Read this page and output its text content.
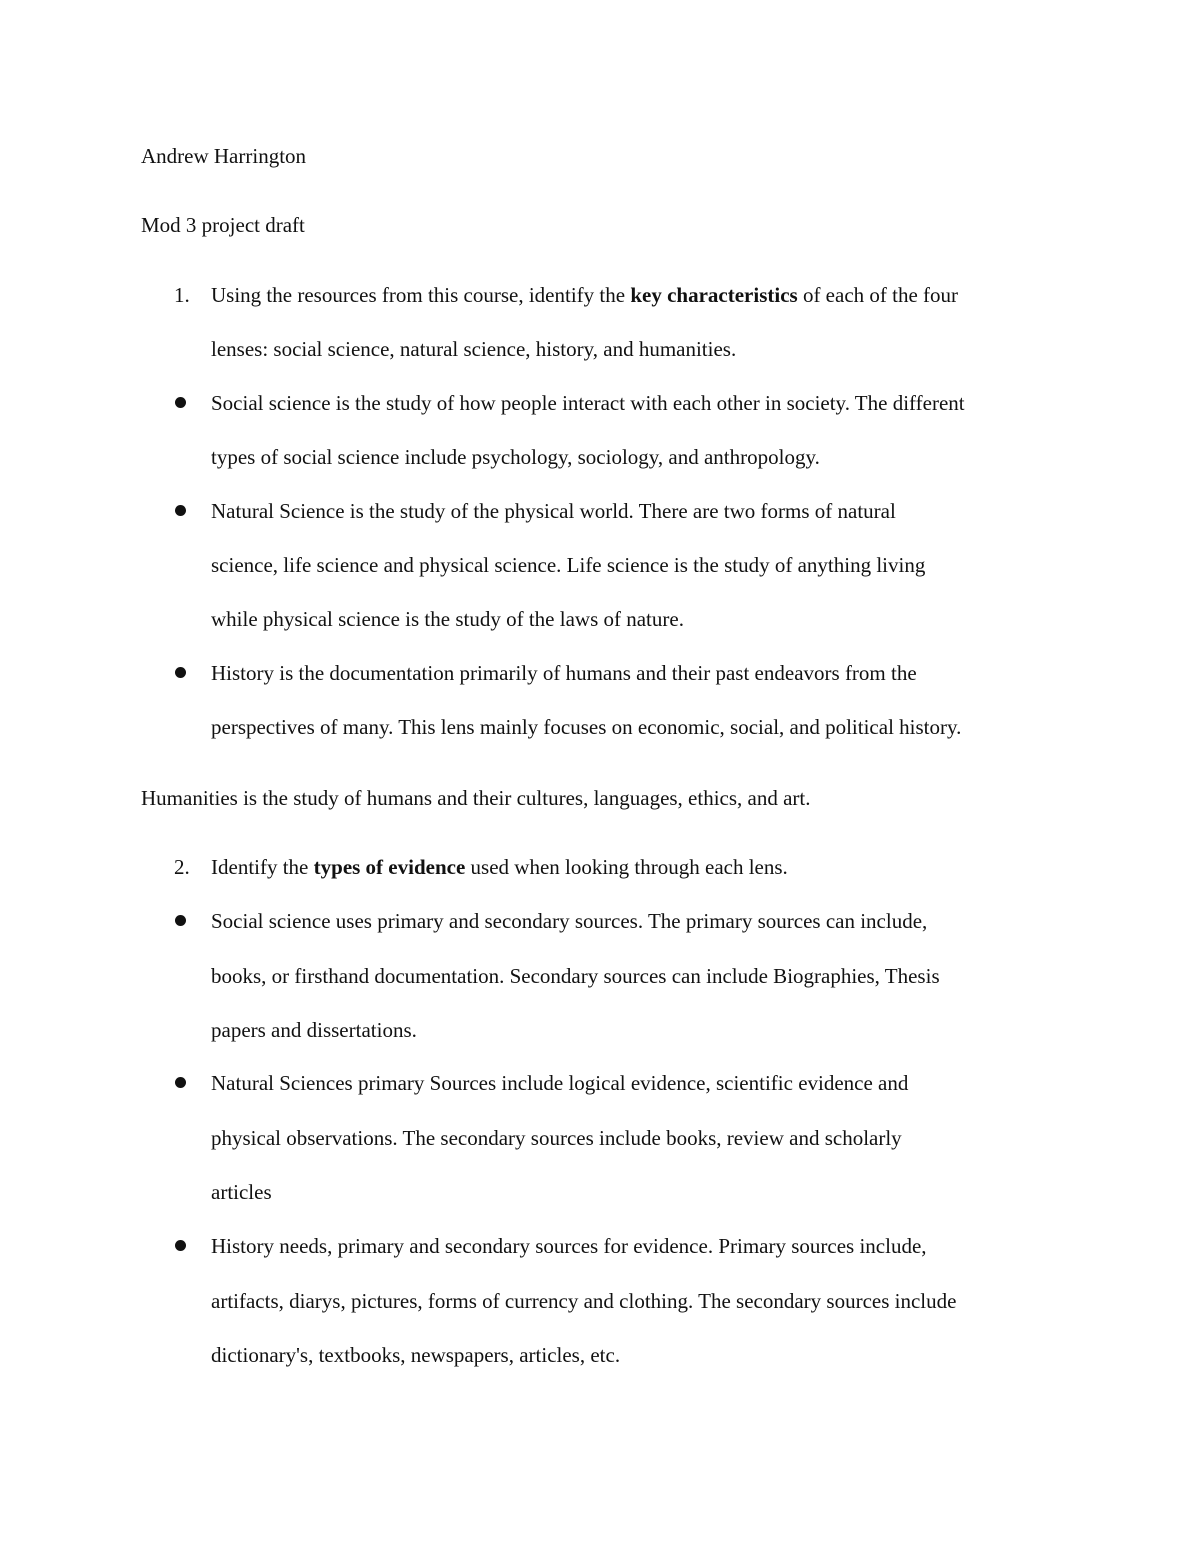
Andrew Harrington
Mod 3 project draft
1. Using the resources from this course, identify the key characteristics of each of the four
lenses: social science, natural science, history, and humanities.
Social science is the study of how people interact with each other in society. The different
types of social science include psychology, sociology, and anthropology.
Natural Science is the study of the physical world. There are two forms of natural
science, life science and physical science. Life science is the study of anything living
while physical science is the study of the laws of nature.
History is the documentation primarily of humans and their past endeavors from the
perspectives of many. This lens mainly focuses on economic, social, and political history.
Humanities is the study of humans and their cultures, languages, ethics, and art.
2. Identify the types of evidence used when looking through each lens.
Social science uses primary and secondary sources. The primary sources can include,
books, or firsthand documentation. Secondary sources can include Biographies, Thesis
papers and dissertations.
Natural Sciences primary Sources include logical evidence, scientific evidence and
physical observations. The secondary sources include books, review and scholarly
articles
History needs, primary and secondary sources for evidence. Primary sources include,
artifacts, diarys, pictures, forms of currency and clothing. The secondary sources include
dictionary's, textbooks, newspapers, articles, etc.
